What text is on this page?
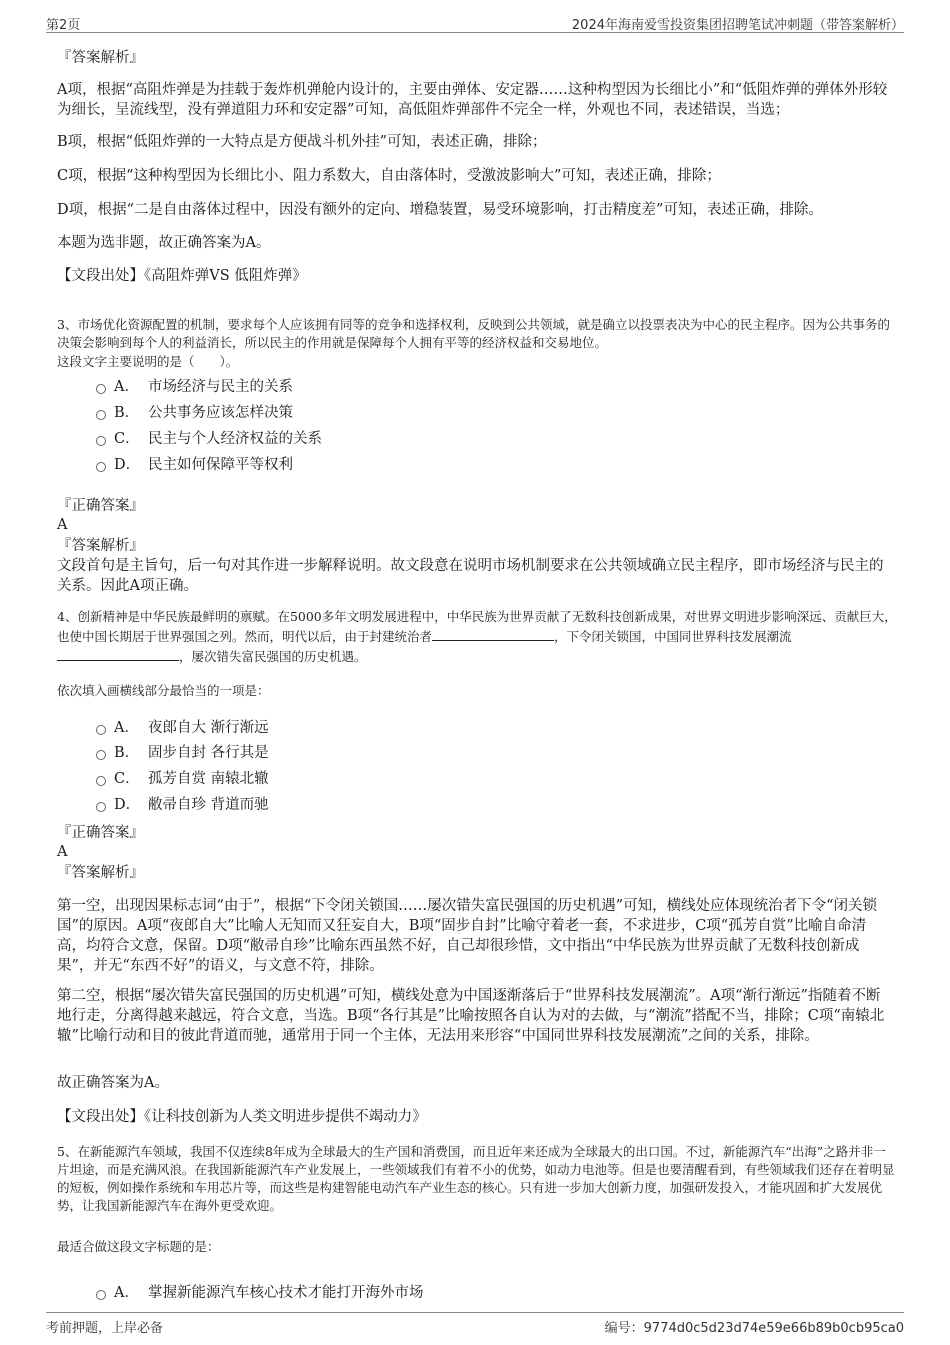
第2页	2024年海南爱雪投资集团招聘笔试冲刺题（带答案解析）
『答案解析』
A项，根据“高阻炸弹是为挂载于轰炸机弹舱内设计的，主要由弹体、安定器……这种构型因为长细比小”和“低阻炸弹的弹体外形较为细长，呈流线型，没有弹道阻力环和安定器”可知，高低阻炸弹部件不完全一样，外观也不同，表述错误，当选；
B项，根据“低阻炸弹的一大特点是方便战斗机外挂”可知，表述正确，排除；
C项，根据“这种构型因为长细比小、阻力系数大，自由落体时，受激波影响大”可知，表述正确，排除；
D项，根据“二是自由落体过程中，因没有额外的定向、增稳装置，易受环境影响，打击精度差”可知，表述正确，排除。
本题为选非题，故正确答案为A。
【文段出处】《高阻炸弹VS 低阻炸弹》
3、市场优化资源配置的机制，要求每个人应该拥有同等的竞争和选择权利，反映到公共领域，就是确立以投票表决为中心的民主程序。因为公共事务的决策会影响到每个人的利益消长，所以民主的作用就是保障每个人拥有平等的经济权益和交易地位。
这段文字主要说明的是（　　）。
A． 市场经济与民主的关系
B． 公共事务应该怎样决策
C． 民主与个人经济权益的关系
D． 民主如何保障平等权利
『正确答案』
A
『答案解析』
文段首句是主旨句，后一句对其作进一步解释说明。故文段意在说明市场机制要求在公共领域确立民主程序，即市场经济与民主的关系。因此A项正确。
4、创新精神是中华民族最鲜明的禀赋。在5000多年文明发展进程中，中华民族为世界贡献了无数科技创新成果，对世界文明进步影响深远、贡献巨大，也使中国长期居于世界强国之列。然而，明代以后，由于封建统治者	，下令闭关锁国，中国同世界科技发展潮流，屡次错失富民强国的历史机遇。
依次填入画横线部分最恰当的一项是：
A． 夜郎自大 渐行渐远
B． 固步自封 各行其是
C． 孤芳自赏 南辕北辙
D． 敝帚自珍 背道而驰
『正确答案』
A
『答案解析』
第一空，出现因果标志词“由于”，根据“下令闭关锁国……屡次错失富民强国的历史机遇”可知，横线处应体现统治者下令“闭关锁国”的原因。A项“夜郎自大”比喻人无知而又狂妄自大，B项“固步自封”比喻守着老一套，不求进步，C项“孤芳自赏”比喻自命清高，均符合文意，保留。D项“敝帚自珍”比喻东西虽然不好，自己却很珍惜，文中指出“中华民族为世界贡献了无数科技创新成果”，并无“东西不好”的语义，与文意不符，排除。
第二空，根据“屡次错失富民强国的历史机遇”可知，横线处意为中国逐渐落后于“世界科技发展潮流”。A项“渐行渐远”指随着不断地行走，分离得越来越远，符合文意，当选。B项“各行其是”比喻按照各自认为对的去做，与“潮流”搭配不当，排除；C项“南辕北辙”比喻行动和目的彼此背道而驰，通常用于同一个主体，无法用来形容“中国同世界科技发展潮流”之间的关系，排除。
故正确答案为A。
【文段出处】《让科技创新为人类文明进步提供不竭动力》
5、在新能源汽车领域，我国不仅连续8年成为全球最大的生产国和消费国，而且近年来还成为全球最大的出口国。不过，新能源汽车“出海”之路并非一片坦途，而是充满风浪。在我国新能源汽车产业发展上，一些领域我们有着不小的优势，如动力电池等。但是也要清醒看到，有些领域我们还存在着明显的短板，例如操作系统和车用芯片等，而这些是构建智能电动汽车产业生态的核心。只有进一步加大创新力度，加强研发投入，才能巩固和扩大发展优势，让我国新能源汽车在海外更受欢迎。
最适合做这段文字标题的是：
A． 掌握新能源汽车核心技术才能打开海外市场
考前押题，上岸必备	编号：9774d0c5d23d74e59e66b89b0cb95ca0
